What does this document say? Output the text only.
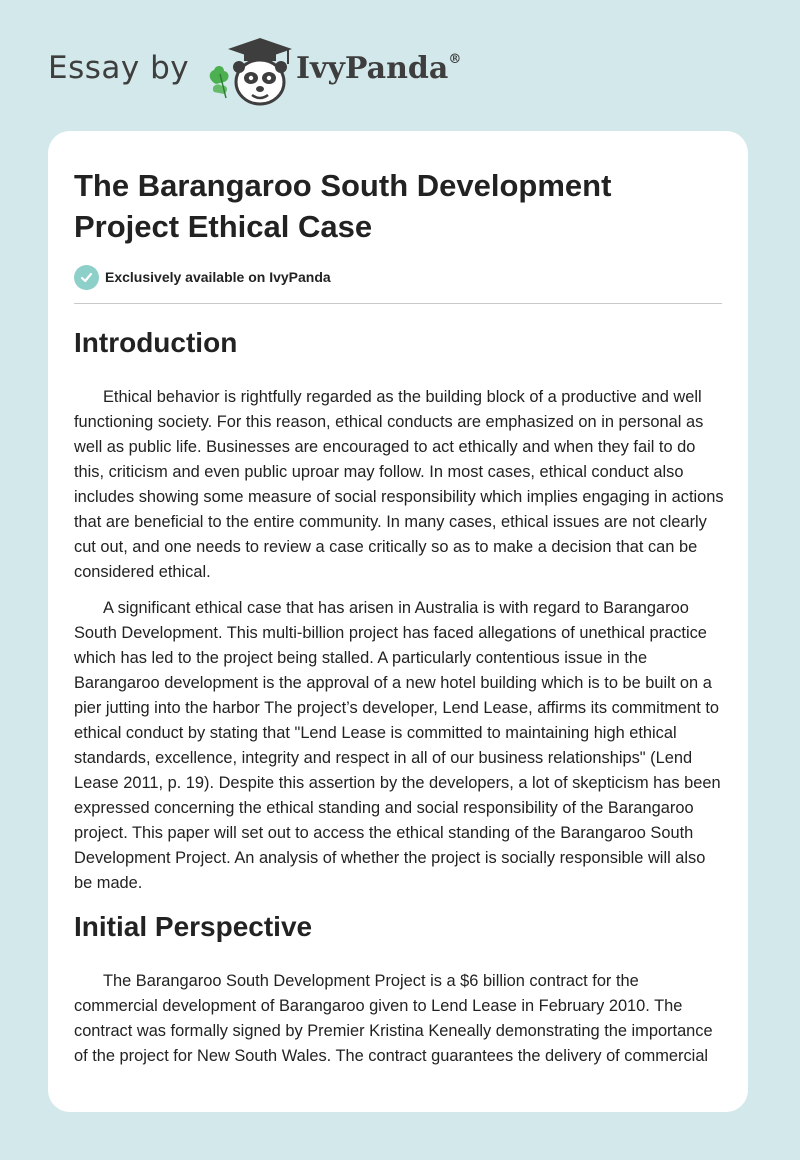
Essay by	IvyPanda®
The Barangaroo South Development Project Ethical Case
Exclusively available on IvyPanda
Introduction

Ethical behavior is rightfully regarded as the building block of a productive and well functioning society. For this reason, ethical conducts are emphasized on in personal as well as public life. Businesses are encouraged to act ethically and when they fail to do this, criticism and even public uproar may follow. In most cases, ethical conduct also includes showing some measure of social responsibility which implies engaging in actions that are beneficial to the entire community. In many cases, ethical issues are not clearly cut out, and one needs to review a case critically so as to make a decision that can be considered ethical.

A significant ethical case that has arisen in Australia is with regard to Barangaroo South Development. This multi-billion project has faced allegations of unethical practice which has led to the project being stalled. A particularly contentious issue in the Barangaroo development is the approval of a new hotel building which is to be built on a pier jutting into the harbor The project’s developer, Lend Lease, affirms its commitment to ethical conduct by stating that "Lend Lease is committed to maintaining high ethical standards, excellence, integrity and respect in all of our business relationships" (Lend Lease 2011, p. 19). Despite this assertion by the developers, a lot of skepticism has been expressed concerning the ethical standing and social responsibility of the Barangaroo project. This paper will set out to access the ethical standing of the Barangaroo South Development Project. An analysis of whether the project is socially responsible will also be made.

Initial Perspective

The Barangaroo South Development Project is a $6 billion contract for the commercial development of Barangaroo given to Lend Lease in February 2010. The contract was formally signed by Premier Kristina Keneally demonstrating the importance of the project for New South Wales. The contract guarantees the delivery of commercial
